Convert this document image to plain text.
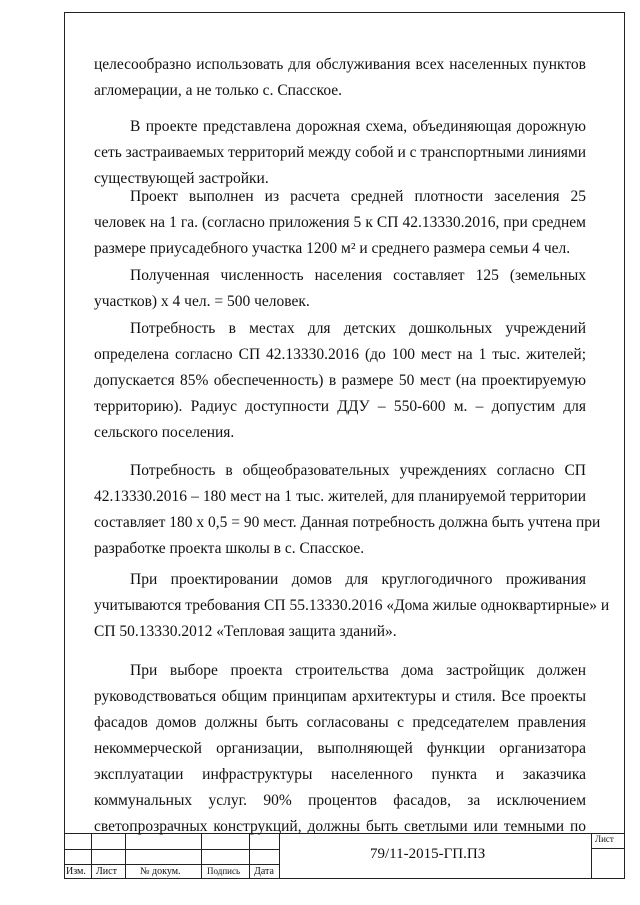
целесообразно использовать для обслуживания всех населенных пунктов
агломерации, а не только с. Спасское.
В проекте представлена дорожная схема, объединяющая дорожную
сеть застраиваемых территорий между собой и с транспортными линиями
существующей застройки.
Проект выполнен из расчета средней плотности заселения 25
человек на 1 га. (согласно приложения 5 к СП 42.13330.2016, при среднем
размере приусадебного участка 1200 м² и среднего размера семьи 4 чел.
Полученная численность населения составляет 125 (земельных
участков) х 4 чел. = 500 человек.
Потребность в местах для детских дошкольных учреждений
определена согласно СП 42.13330.2016 (до 100 мест на 1 тыс. жителей;
допускается 85% обеспеченность) в размере 50 мест (на проектируемую
территорию). Радиус доступности ДДУ – 550-600 м. – допустим для
сельского поселения.
Потребность в общеобразовательных учреждениях согласно СП
42.13330.2016 – 180 мест на 1 тыс. жителей, для планируемой территории
составляет 180 х 0,5 = 90 мест. Данная потребность должна быть учтена при
разработке проекта школы в с. Спасское.
При проектировании домов для круглогодичного проживания
учитываются требования СП 55.13330.2016 «Дома жилые одноквартирные» и
СП 50.13330.2012 «Тепловая защита зданий».
При выборе проекта строительства дома застройщик должен
руководствоваться общим принципам архитектуры и стиля. Все проекты
фасадов домов должны быть согласованы с председателем правления
некоммерческой организации, выполняющей функции организатора
эксплуатации инфраструктуры населенного пункта и заказчика
коммунальных услуг. 90% процентов фасадов, за исключением
светопрозрачных конструкций, должны быть светлыми или темными по
Изм. Лист № докум.	Подпись Дата
Лист
79/11-2015-ГП.ПЗ
